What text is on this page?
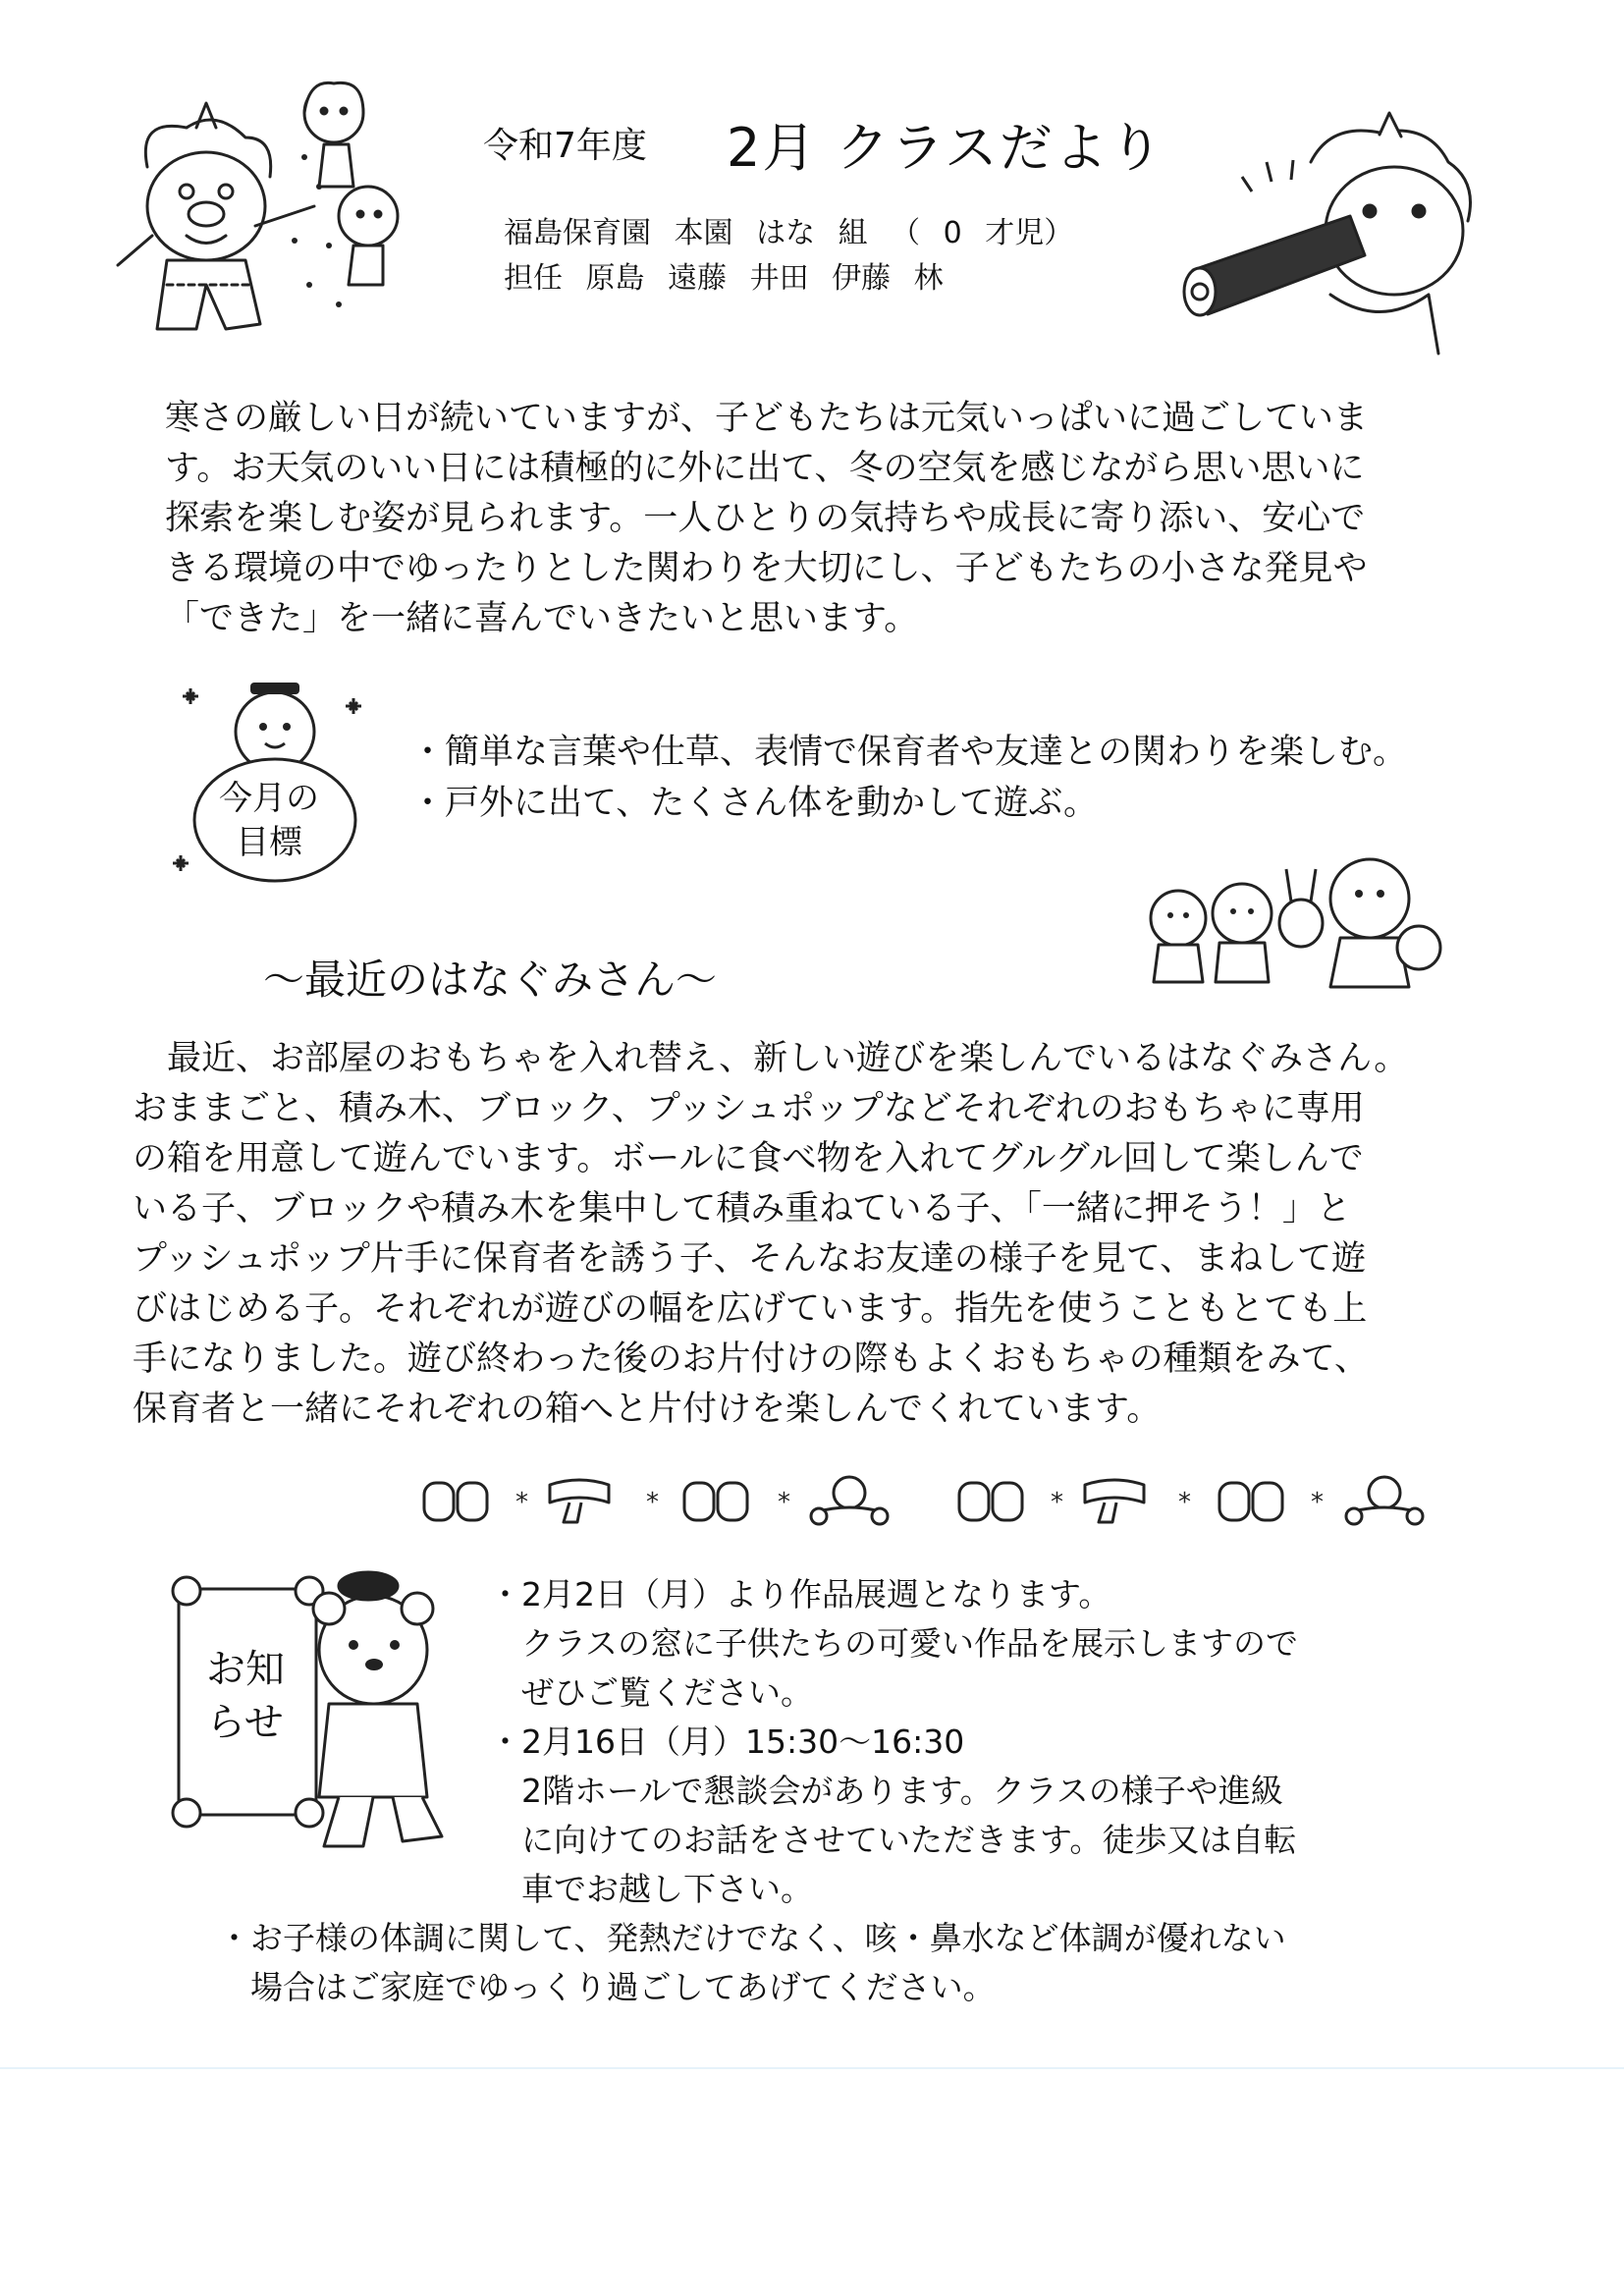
令和7年度 2月 クラスだより
福島保育園 本園 はな 組 （ 0 才児）
担任 原島 遠藤 井田 伊藤 林
寒さの厳しい日が続いていますが、子どもたちは元気いっぱいに過ごしていま
す。お天気のいい日には積極的に外に出て、冬の空気を感じながら思い思いに
探索を楽しむ姿が見られます。一人ひとりの気持ちや成長に寄り添い、安心で
きる環境の中でゆったりとした関わりを大切にし、子どもたちの小さな発見や
「できた」を一緒に喜んでいきたいと思います。
今月の
目標
・簡単な言葉や仕草、表情で保育者や友達との関わりを楽しむ。
・戸外に出て、たくさん体を動かして遊ぶ。
～最近のはなぐみさん～
　最近、お部屋のおもちゃを入れ替え、新しい遊びを楽しんでいるはなぐみさん。
おままごと、積み木、ブロック、プッシュポップなどそれぞれのおもちゃに専用
の箱を用意して遊んでいます。ボールに食べ物を入れてグルグル回して楽しんで
いる子、ブロックや積み木を集中して積み重ねている子、「一緒に押そう！」と
プッシュポップ片手に保育者を誘う子、そんなお友達の様子を見て、まねして遊
びはじめる子。それぞれが遊びの幅を広げています。指先を使うこともとても上
手になりました。遊び終わった後のお片付けの際もよくおもちゃの種類をみて、
保育者と一緒にそれぞれの箱へと片付けを楽しんでくれています。
*	*	*	*	*	*
お知
らせ
・2月2日（月）より作品展週となります。
　クラスの窓に子供たちの可愛い作品を展示しますので
　ぜひご覧ください。
・2月16日（月）15:30～16:30
　2階ホールで懇談会があります。クラスの様子や進級
　に向けてのお話をさせていただきます。徒歩又は自転
　車でお越し下さい。
・お子様の体調に関して、発熱だけでなく、咳・鼻水など体調が優れない
　場合はご家庭でゆっくり過ごしてあげてください。
